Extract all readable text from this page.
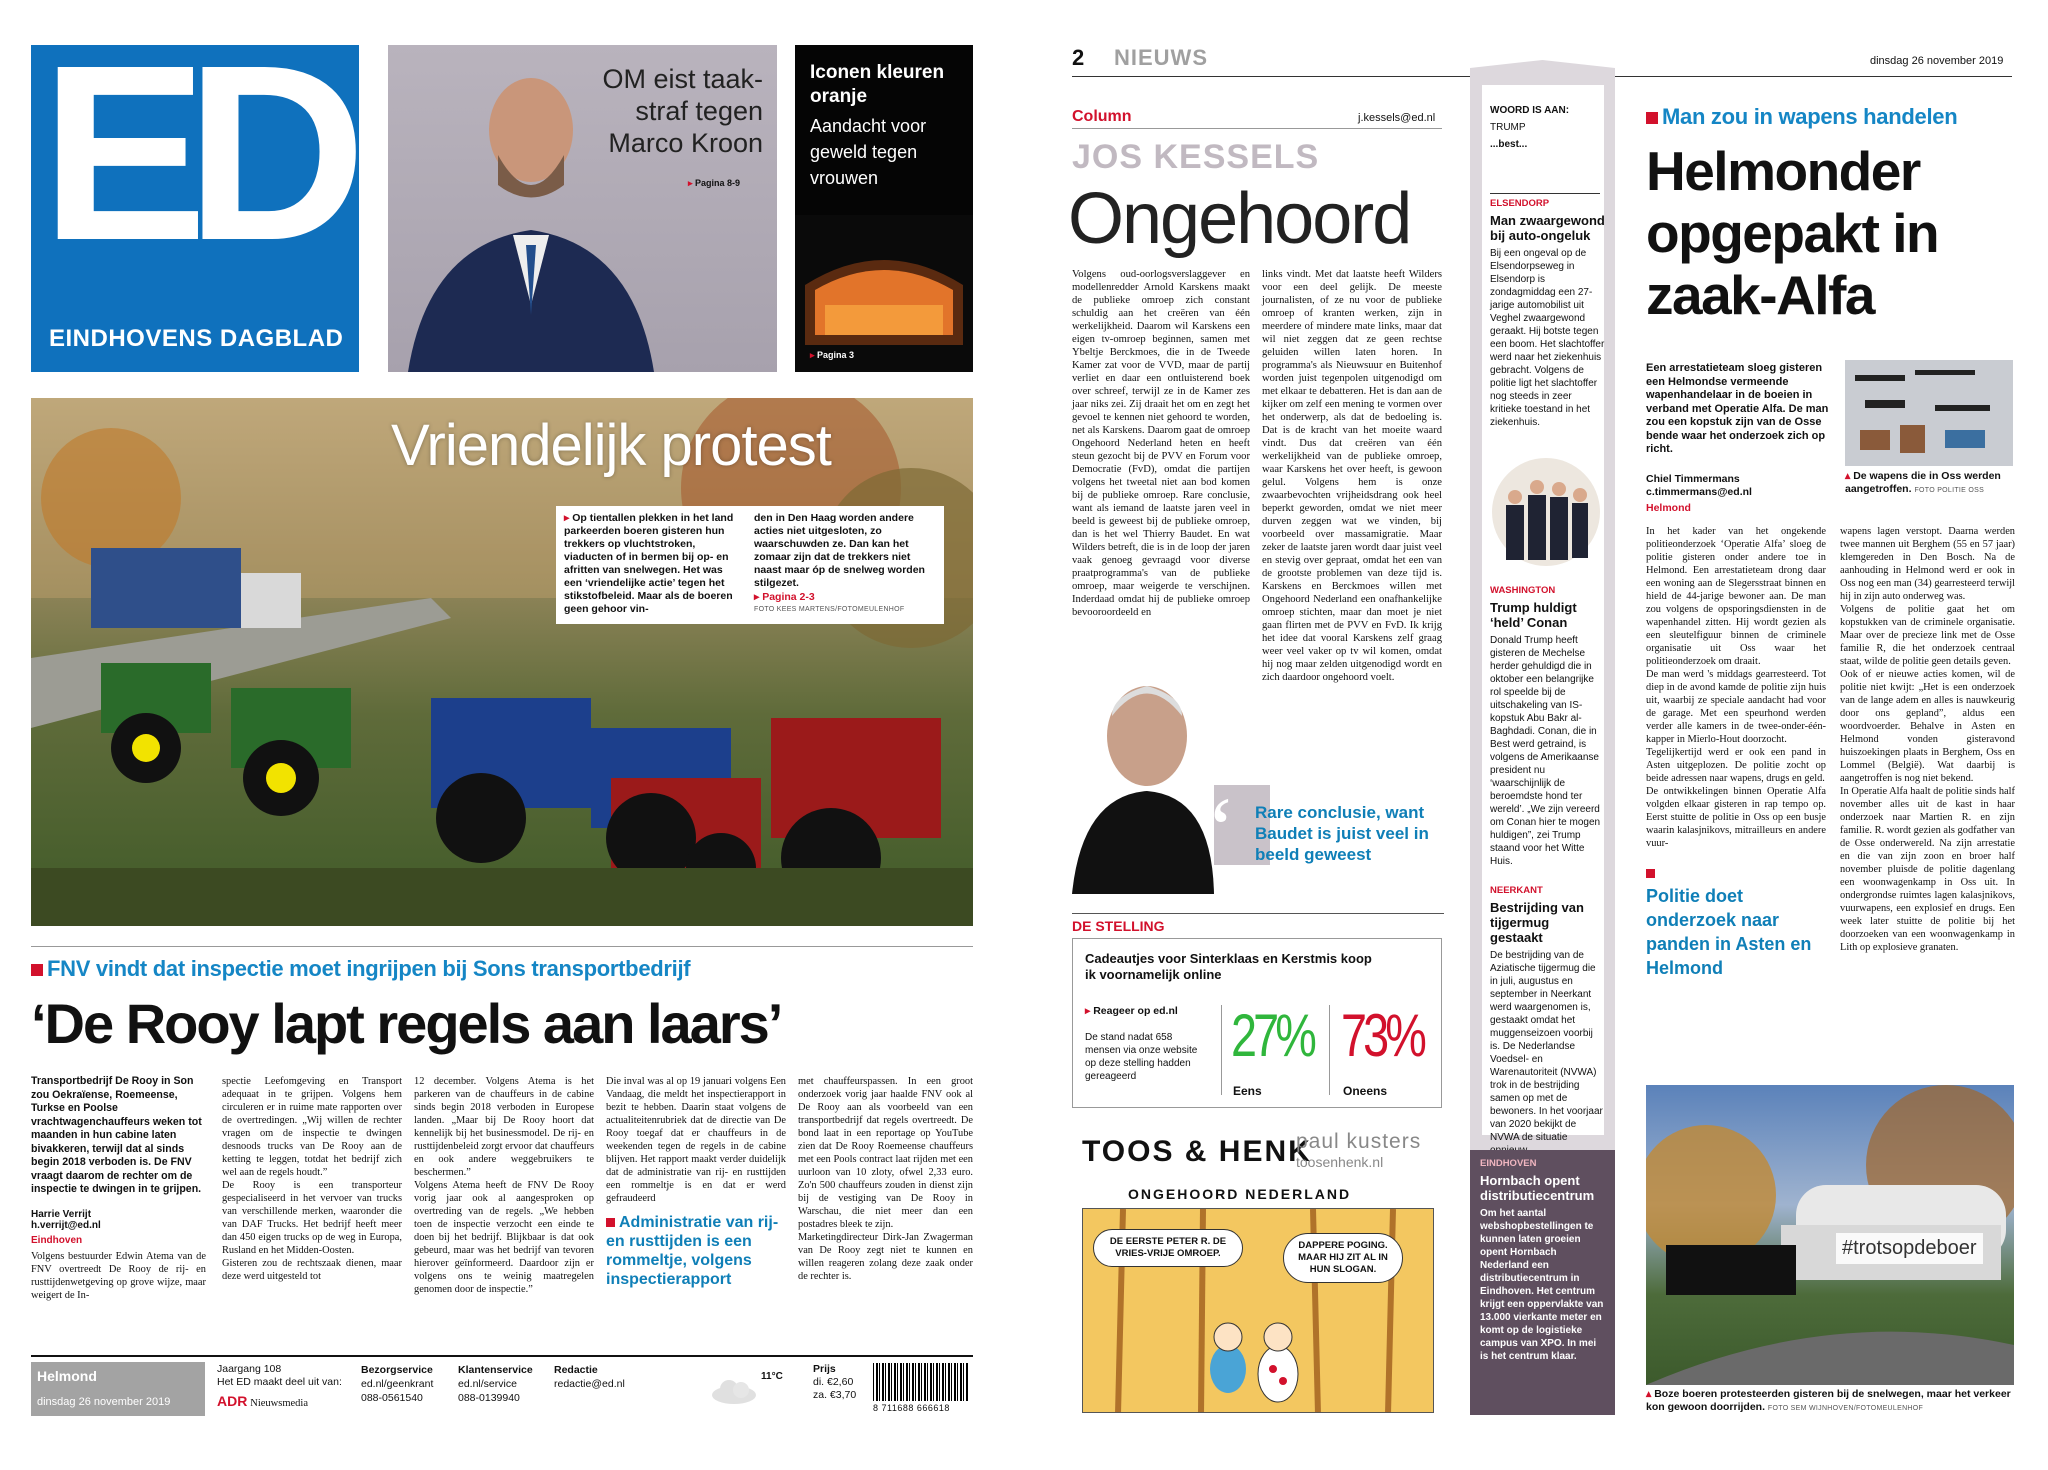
ED
EINDHOVENS DAGBLAD
OM eist taak-straf tegen Marco Kroon
▸ Pagina 8-9
Iconen kleuren oranje
Aandacht voor geweld tegen vrouwen
▸ Pagina 3
Vriendelijk protest
▸ Op tientallen plekken in het land parkeerden boeren gisteren hun trekkers op vluchtstroken, viaducten of in bermen bij op- en afritten van snelwegen. Het was een ‘vriendelijke actie’ tegen het stikstofbeleid. Maar als de boeren geen gehoor vin-
den in Den Haag worden andere acties niet uitgesloten, zo waarschuwden ze. Dan kan het zomaar zijn dat de trekkers niet naast maar óp de snelweg worden stilgezet.
▸ Pagina 2-3
FOTO KEES MARTENS/FOTOMEULENHOF
FNV vindt dat inspectie moet ingrijpen bij Sons transportbedrijf
‘De Rooy lapt regels aan laars’
Transportbedrijf De Rooy in Son zou Oekraïense, Roemeense, Turkse en Poolse vrachtwagenchauffeurs weken tot maanden in hun cabine laten bivakkeren, terwijl dat al sinds begin 2018 verboden is. De FNV vraagt daarom de rechter om de inspectie te dwingen in te grijpen.
Harrie Verrijt
h.verrijt@ed.nl
Eindhoven

Volgens bestuurder Edwin Atema van de FNV overtreedt De Rooy de rij- en rusttijdenwetgeving op grove wijze, maar weigert de In-

spectie Leefomgeving en Transport adequaat in te grijpen. Volgens hem circuleren er in ruime mate rapporten over de overtredingen. „Wij willen de rechter vragen om de inspectie te dwingen desnoods trucks van De Rooy aan de ketting te leggen, totdat het bedrijf zich wel aan de regels houdt.”
De Rooy is een transporteur gespecialiseerd in het vervoer van trucks van verschillende merken, waaronder die van DAF Trucks. Het bedrijf heeft meer dan 450 eigen trucks op de weg in Europa, Rusland en het Midden-Oosten.
Gisteren zou de rechtszaak dienen, maar deze werd uitgesteld tot

12 december. Volgens Atema is het parkeren van de chauffeurs in de cabine sinds begin 2018 verboden in Europese landen. „Maar bij De Rooy hoort dat kennelijk bij het businessmodel. De rij- en rusttijdenbeleid zorgt ervoor dat chauffeurs en ook andere weggebruikers te beschermen.”
Volgens Atema heeft de FNV De Rooy vorig jaar ook al aangesproken op overtreding van de regels. „We hebben toen de inspectie verzocht een einde te doen bij het bedrijf. Blijkbaar is dat ook gebeurd, maar was het bedrijf van tevoren hierover geïnformeerd. Daardoor zijn er volgens ons te weinig maatregelen genomen door de inspectie.”

Die inval was al op 19 januari volgens Een Vandaag, die meldt het inspectierapport in bezit te hebben. Daarin staat volgens de actualiteitenrubriek dat de directie van De Rooy toegaf dat er chauffeurs in de weekenden tegen de regels in de cabine blijven. Het rapport maakt verder duidelijk dat de administratie van rij- en rusttijden een rommeltje is en dat er werd gefraudeerd

Administratie van rij- en rusttijden is een rommeltje, volgens inspectierapport

met chauffeurspassen. In een groot onderzoek vorig jaar haalde FNV ook al De Rooy aan als voorbeeld van een transportbedrijf dat regels overtreedt. De bond laat in een reportage op YouTube zien dat De Rooy Roemeense chauffeurs met een Pools contract laat rijden met een uurloon van 10 zloty, ofwel 2,33 euro. Zo'n 500 chauffeurs zouden in dienst zijn bij de vestiging van De Rooy in Warschau, die niet meer dan een postadres bleek te zijn.
Marketingdirecteur Dirk-Jan Zwagerman van De Rooy zegt niet te kunnen en willen reageren zolang deze zaak onder de rechter is.

Helmond
dinsdag 26 november 2019
Jaargang 108
Het ED maakt deel uit van:
ADR Nieuwsmedia
Bezorgservice
ed.nl/geenkrant
088-0561540
Klantenservice
ed.nl/service
088-0139940
Redactie
redactie@ed.nl
11°C
Prijs
di. €2,60
za. €3,70
8 711688 666618
2 NIEUWS	dinsdag 26 november 2019
Column	j.kessels@ed.nl
JOS KESSELS
Ongehoord

Volgens oud-oorlogsverslaggever en modellenredder Arnold Karskens maakt de publieke omroep zich constant schuldig aan het creëren van één werkelijkheid. Daarom wil Karskens een eigen tv-omroep beginnen, samen met Ybeltje Berckmoes, die in de Tweede Kamer zat voor de VVD, maar de partij verliet en daar een ontluisterend boek over schreef, terwijl ze in de Kamer zes jaar niks zei. Zij draait het om en zegt het gevoel te kennen niet gehoord te worden, net als Karskens. Daarom gaat de omroep Ongehoord Nederland heten en heeft steun gezocht bij de PVV en Forum voor Democratie (FvD), omdat die partijen volgens het tweetal niet aan bod komen bij de publieke omroep. Rare conclusie, want als iemand de laatste jaren veel in beeld is geweest bij de publieke omroep, dan is het wel Thierry Baudet. En wat Wilders betreft, die is in de loop der jaren vaak genoeg gevraagd voor diverse praatprogramma's van de publieke omroep, maar weigerde te verschijnen. Inderdaad omdat hij de publieke omroep bevooroordeeld en

links vindt. Met dat laatste heeft Wilders voor een deel gelijk. De meeste journalisten, of ze nu voor de publieke omroep of kranten werken, zijn in meerdere of mindere mate links, maar dat wil niet zeggen dat ze geen rechtse geluiden willen laten horen. In programma's als Nieuwsuur en Buitenhof worden juist tegenpolen uitgenodigd om met elkaar te debatteren. Het is dan aan de kijker om zelf een mening te vormen over het onderwerp, als dat de bedoeling is. Dat is de kracht van het moeite waard vindt. Dus dat creëren van één werkelijkheid van de publieke omroep, waar Karskens het over heeft, is gewoon gelul. Volgens hem is onze zwaarbevochten vrijheidsdrang ook heel beperkt geworden, omdat we niet meer durven zeggen wat we vinden, bij voorbeeld over massamigratie. Maar zeker de laatste jaren wordt daar juist veel en stevig over gepraat, omdat het een van de grootste problemen van deze tijd is. Karskens en Berckmoes willen met Ongehoord Nederland een onafhankelijke omroep stichten, maar dan moet je niet gaan flirten met de PVV en FvD. Ik krijg het idee dat vooral Karskens zelf graag weer veel vaker op tv wil komen, omdat hij nog maar zelden uitgenodigd wordt en zich daardoor ongehoord voelt.

‘ Rare conclusie, want Baudet is juist veel in beeld geweest
DE STELLING
Cadeautjes voor Sinterklaas en Kerstmis koop ik voornamelijk online
▸ Reageer op ed.nl
De stand nadat 658 mensen via onze website op deze stelling hadden gereageerd
27%
Eens
73%
Oneens
TOOS & HENK
paul kusters
toosenhenk.nl
ONGEHOORD NEDERLAND
DE EERSTE PETER R. DE VRIES-VRIJE OMROEP.
DAPPERE POGING. MAAR HIJ ZIT AL IN HUN SLOGAN.
WOORD IS AAN:
TRUMP
...best...
ELSENDORP
Man zwaargewond bij auto-ongeluk
Bij een ongeval op de Elsendorpseweg in Elsendorp is zondagmiddag een 27-jarige automobilist uit Veghel zwaargewond geraakt. Hij botste tegen een boom. Het slachtoffer werd naar het ziekenhuis gebracht. Volgens de politie ligt het slachtoffer nog steeds in zeer kritieke toestand in het ziekenhuis.
WASHINGTON
Trump huldigt ‘held’ Conan
Donald Trump heeft gisteren de Mechelse herder gehuldigd die in oktober een belangrijke rol speelde bij de uitschakeling van IS-kopstuk Abu Bakr al-Baghdadi. Conan, die in Best werd getraind, is volgens de Amerikaanse president nu ‘waarschijnlijk de beroemdste hond ter wereld’. „We zijn vereerd om Conan hier te mogen huldigen”, zei Trump staand voor het Witte Huis.
NEERKANT
Bestrijding van tijgermug gestaakt
De bestrijding van de Aziatische tijgermug die in juli, augustus en september in Neerkant werd waargenomen is, gestaakt omdat het muggenseizoen voorbij is. De Nederlandse Voedsel- en Warenautoriteit (NVWA) trok in de bestrijding samen op met de bewoners. In het voorjaar van 2020 bekijkt de NVWA de situatie
EINDHOVEN
Hornbach opent distributiecentrum
Om het aantal webshopbestellingen te kunnen laten groeien opent Hornbach Nederland een distributiecentrum in Eindhoven. Het centrum krijgt een oppervlakte van 13.000 vierkante meter en komt op de logistieke campus van XPO. In mei is het centrum klaar.
Man zou in wapens handelen
Helmonder opgepakt in zaak-Alfa
Een arrestatieteam sloeg gisteren een Helmondse vermeende wapenhandelaar in de boeien in verband met Operatie Alfa. De man zou een kopstuk zijn van de Osse bende waar het onderzoek zich op richt.
Chiel Timmermans
c.timmermans@ed.nl
Helmond
▴ De wapens die in Oss werden aangetroffen. FOTO POLITIE OSS

In het kader van het ongekende politieonderzoek ‘Operatie Alfa’ sloeg de politie gisteren onder andere toe in Helmond. Een arrestatieteam drong daar een woning aan de Slegersstraat binnen en hield de 44-jarige bewoner aan. De man zou volgens de opsporingsdiensten in de wapenhandel zitten. Hij wordt gezien als een sleutelfiguur binnen de criminele organisatie uit Oss waar het politieonderzoek om draait.
De man werd 's middags gearresteerd. Tot diep in de avond kamde de politie zijn huis uit, waarbij ze speciale aandacht had voor de garage. Met een speurhond werden verder alle kamers in de twee-onder-één-kapper in Mierlo-Hout doorzocht.
Tegelijkertijd werd er ook een pand in Asten uitgeplozen. De politie zocht op beide adressen naar wapens, drugs en geld.
De ontwikkelingen binnen Operatie Alfa volgden elkaar gisteren in rap tempo op. Eerst stuitte de politie in Oss op een busje waarin kalasjnikovs, mitrailleurs en andere vuur-

Politie doet onderzoek naar panden in Asten en Helmond

wapens lagen verstopt. Daarna werden twee mannen uit Berghem (55 en 57 jaar) klemgereden in Den Bosch. Na de aanhouding in Helmond werd er ook in Oss nog een man (34) gearresteerd terwijl hij in zijn auto onderweg was.
Volgens de politie gaat het om kopstukken van de criminele organisatie. Maar over de precieze link met de Osse familie R, die het onderzoek centraal staat, wilde de politie geen details geven.
Ook of er nieuwe acties komen, wil de politie niet kwijt: „Het is een onderzoek van de lange adem en alles is nauwkeurig door ons gepland”, aldus een woordvoerder. Behalve in Asten en Helmond vonden gisteravond huiszoekingen plaats in Berghem, Oss en Lommel (België). Wat daarbij is aangetroffen is nog niet bekend.
In Operatie Alfa haalt de politie sinds half november alles uit de kast in haar onderzoek naar Martien R. en zijn familie. R. wordt gezien als godfather van de Osse onderwereld. Na zijn arrestatie en die van zijn zoon en broer half november pluisde de politie dagenlang een woonwagenkamp in Oss uit. In ondergrondse ruimtes lagen kalasjnikovs, vuurwapens, een explosief en drugs. Een week later stuitte de politie bij het doorzoeken van een woonwagenkamp in Lith op explosieve granaten.

#trotsopdeboer
▴ Boze boeren protesteerden gisteren bij de snelwegen, maar het verkeer kon gewoon doorrijden. FOTO SEM WIJNHOVEN/FOTOMEULENHOF
